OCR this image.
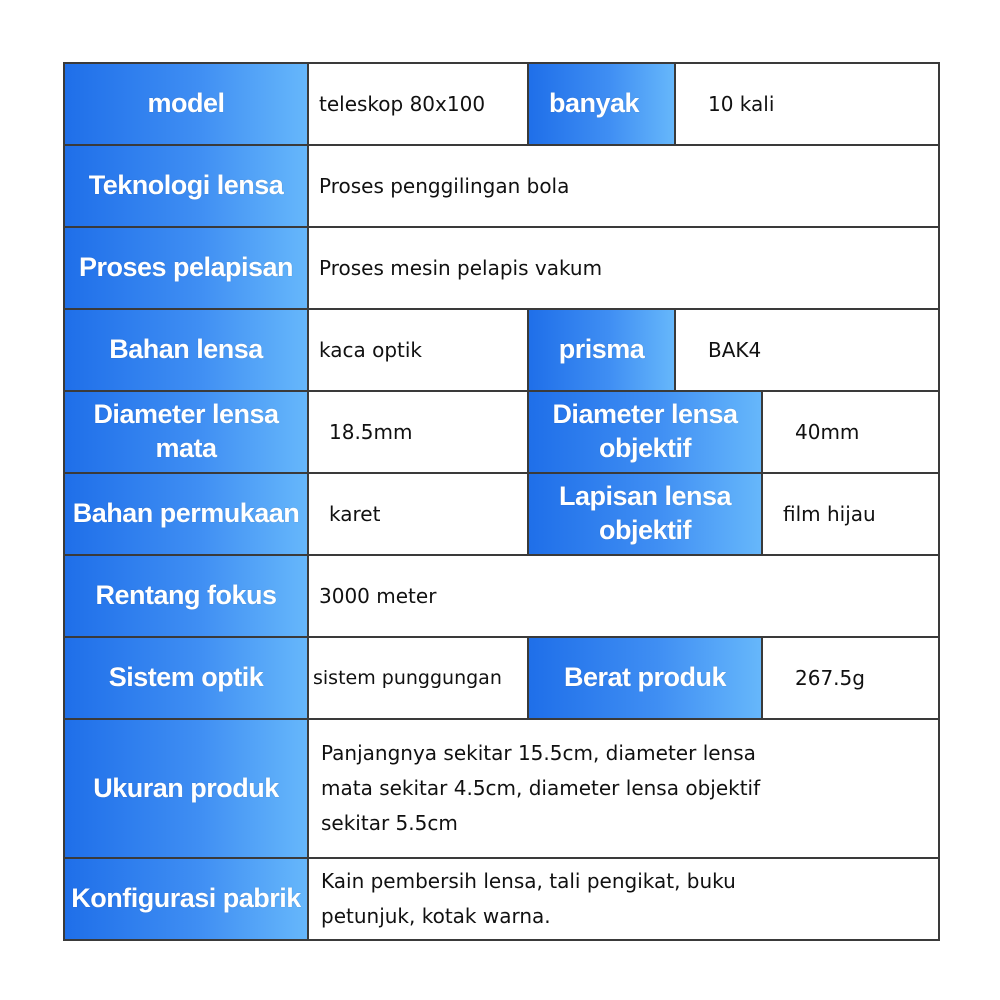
model	teleskop 80x100	banyak	10 kali	
Teknologi lensa	Proses penggilingan bola			
Proses pelapisan	Proses mesin pelapis vakum			
Bahan lensa	kaca optik	prisma	BAK4	
Diameter lensa mata	18.5mm	Diameter lensa objektif		40mm
Bahan permukaan	karet	Lapisan lensa objektif		film hijau
Rentang fokus	3000 meter			
Sistem optik	sistem punggungan	Berat produk		267.5g
Ukuran produk	Panjangnya sekitar 15.5cm, diameter lensa mata sekitar 4.5cm, diameter lensa objektif sekitar 5.5cm			

Konfigurasi pabrik	Kain pembersih lensa, tali pengikat, buku petunjuk, kotak warna.			
